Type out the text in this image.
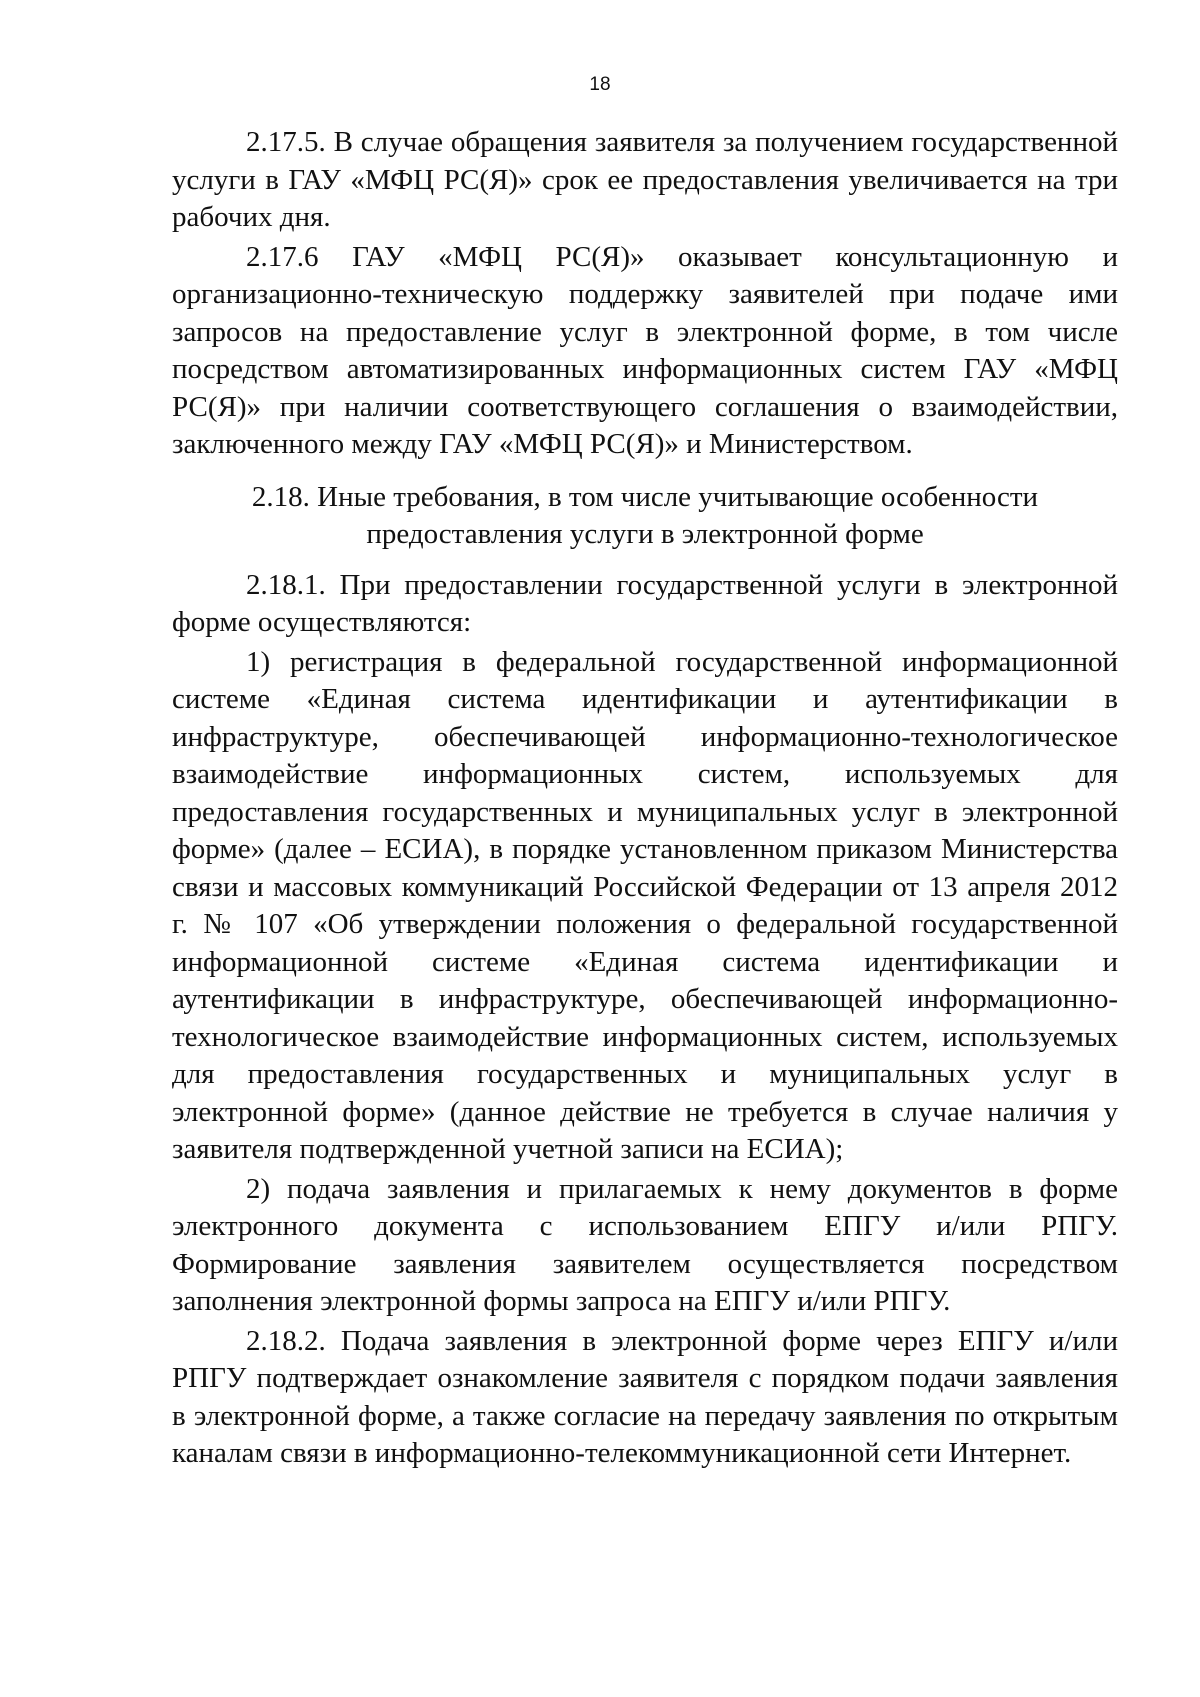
18

2.17.5. В случае обращения заявителя за получением государственной услуги в ГАУ «МФЦ РС(Я)» срок ее предоставления увеличивается на три рабочих дня.

2.17.6 ГАУ «МФЦ РС(Я)» оказывает консультационную и организационно-техническую поддержку заявителей при подаче ими запросов на предоставление услуг в электронной форме, в том числе посредством автоматизированных информационных систем ГАУ «МФЦ РС(Я)» при наличии соответствующего соглашения о взаимодействии, заключенного между ГАУ «МФЦ РС(Я)» и Министерством.

2.18. Иные требования, в том числе учитывающие особенности
предоставления услуги в электронной форме

2.18.1. При предоставлении государственной услуги в электронной форме осуществляются:

1) регистрация в федеральной государственной информационной системе «Единая система идентификации и аутентификации в инфраструктуре, обеспечивающей информационно-технологическое взаимодействие информационных систем, используемых для предоставления государственных и муниципальных услуг в электронной форме» (далее – ЕСИА), в порядке установленном приказом Министерства связи и массовых коммуникаций Российской Федерации от 13 апреля 2012 г. № 107 «Об утверждении положения о федеральной государственной информационной системе «Единая система идентификации и аутентификации в инфраструктуре, обеспечивающей информационно-технологическое взаимодействие информационных систем, используемых для предоставления государственных и муниципальных услуг в электронной форме» (данное действие не требуется в случае наличия у заявителя подтвержденной учетной записи на ЕСИА);

2) подача заявления и прилагаемых к нему документов в форме электронного документа с использованием ЕПГУ и/или РПГУ. Формирование заявления заявителем осуществляется посредством заполнения электронной формы запроса на ЕПГУ и/или РПГУ.

2.18.2. Подача заявления в электронной форме через ЕПГУ и/или РПГУ подтверждает ознакомление заявителя с порядком подачи заявления в электронной форме, а также согласие на передачу заявления по открытым каналам связи в информационно-телекоммуникационной сети Интернет.
